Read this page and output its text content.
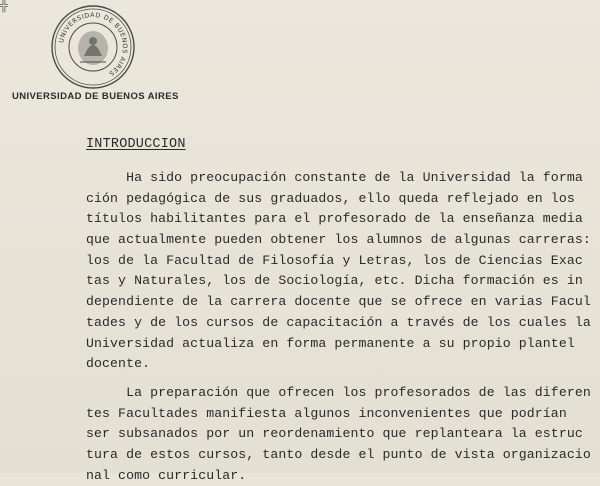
╬
UNIVERSIDAD DE BUENOS AIRES
UNIVERSIDAD DE BUENOS AIRES
INTRODUCCION
Ha sido preocupación constante de la Universidad la forma
ción pedagógica de sus graduados, ello queda reflejado en los
títulos habilitantes para el profesorado de la enseñanza media
que actualmente pueden obtener los alumnos de algunas carreras:
los de la Facultad de Filosofía y Letras, los de Ciencias Exac
tas y Naturales, los de Sociología, etc. Dicha formación es in
dependiente de la carrera docente que se ofrece en varias Facul
tades y de los cursos de capacitación a través de los cuales la
Universidad actualiza en forma permanente a su propio plantel
docente.
La preparación que ofrecen los profesorados de las diferen
tes Facultades manifiesta algunos inconvenientes que podrían
ser subsanados por un reordenamiento que replanteara la estruc
tura de estos cursos, tanto desde el punto de vista organizacio
nal como curricular.
